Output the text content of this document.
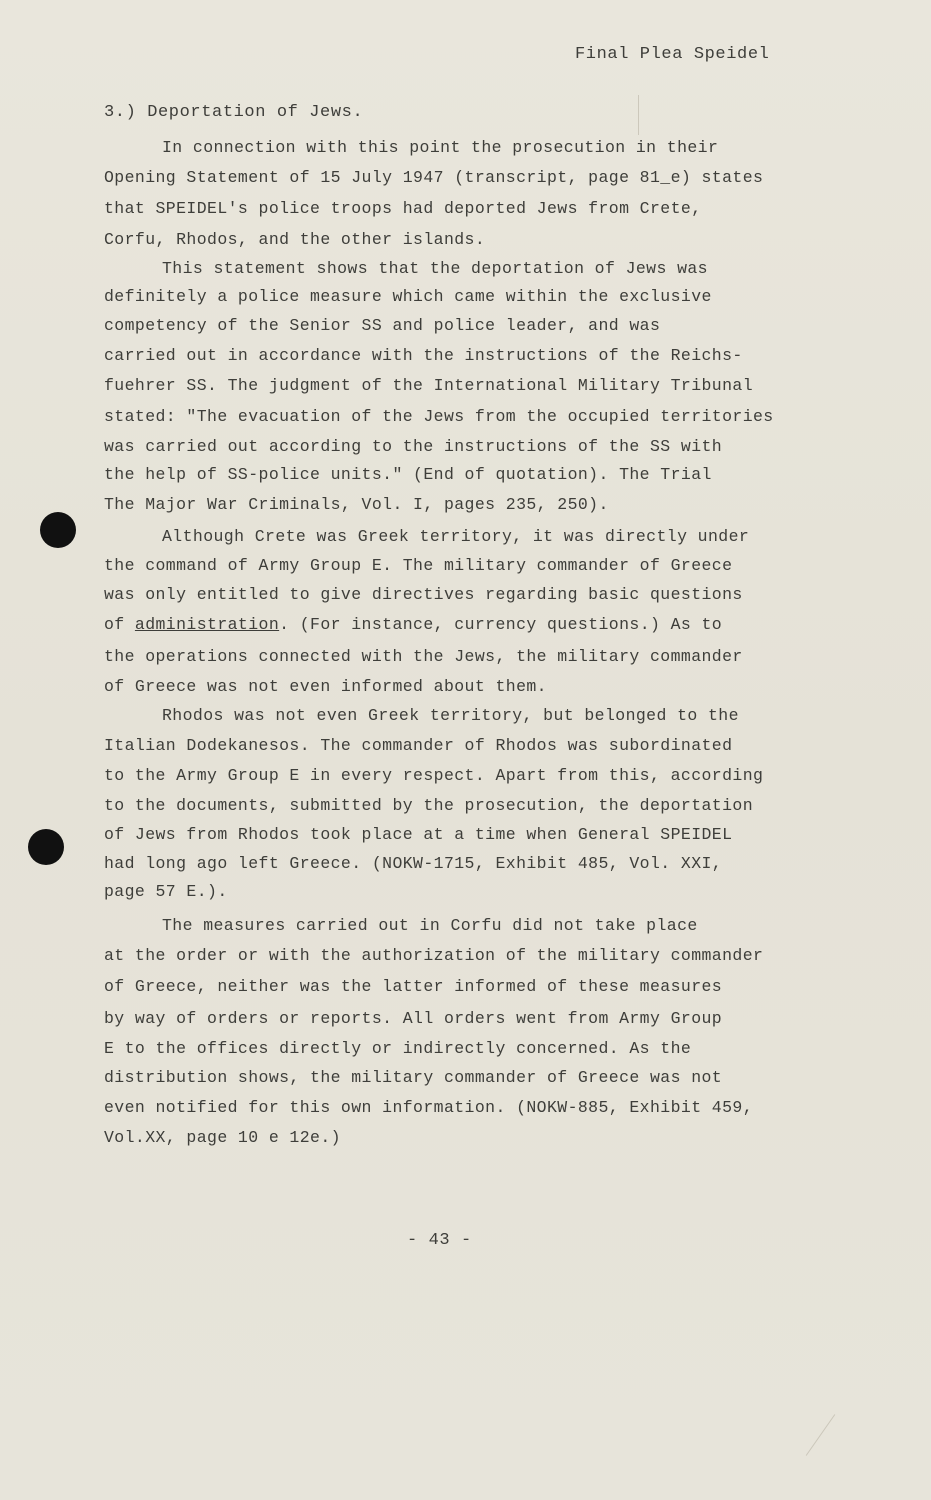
Final Plea Speidel
3.) Deportation of Jews.
In connection with this point the prosecution in their
Opening Statement of 15 July 1947 (transcript, page 81_e) states
that SPEIDEL's police troops had deported Jews from Crete,
Corfu, Rhodos, and the other islands.
This statement shows that the deportation of Jews was
definitely a police measure which came within the exclusive
competency of the Senior SS and police leader, and was
carried out in accordance with the instructions of the Reichs-
fuehrer SS. The judgment of the International Military Tribunal
stated: "The evacuation of the Jews from the occupied territories
was carried out according to the instructions of the SS with
the help of SS-police units." (End of quotation). The Trial
The Major War Criminals, Vol. I, pages 235, 250).
Although Crete was Greek territory, it was directly under
the command of Army Group E. The military commander of Greece
was only entitled to give directives regarding basic questions
of administration. (For instance, currency questions.) As to
the operations connected with the Jews, the military commander
of Greece was not even informed about them.
Rhodos was not even Greek territory, but belonged to the
Italian Dodekanesos. The commander of Rhodos was subordinated
to the Army Group E in every respect. Apart from this, according
to the documents, submitted by the prosecution, the deportation
of Jews from Rhodos took place at a time when General SPEIDEL
had long ago left Greece. (NOKW-1715, Exhibit 485, Vol. XXI,
page 57 E.).
The measures carried out in Corfu did not take place
at the order or with the authorization of the military commander
of Greece, neither was the latter informed of these measures
by way of orders or reports. All orders went from Army Group
E to the offices directly or indirectly concerned. As the
distribution shows, the military commander of Greece was not
even notified for this own information. (NOKW-885, Exhibit 459,
Vol.XX, page 10 e 12e.)
- 43 -
